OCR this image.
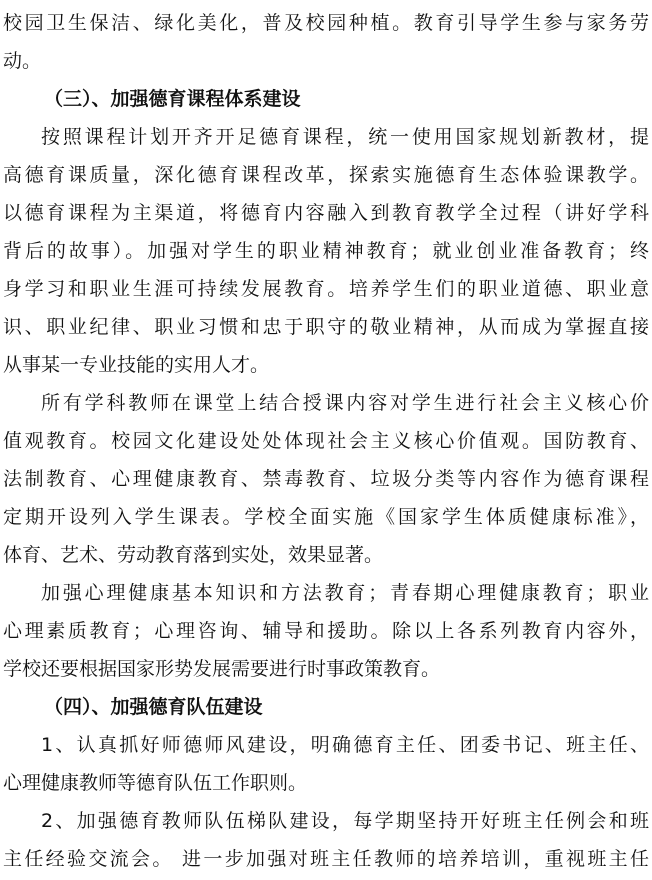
校园卫生保洁、绿化美化，普及校园种植。教育引导学生参与家务劳
动。
（三）、加强德育课程体系建设
按照课程计划开齐开足德育课程，统一使用国家规划新教材，提
高德育课质量，深化德育课程改革，探索实施德育生态体验课教学。
以德育课程为主渠道，将德育内容融入到教育教学全过程（讲好学科
背后的故事）。加强对学生的职业精神教育；就业创业准备教育；终
身学习和职业生涯可持续发展教育。培养学生们的职业道德、职业意
识、职业纪律、职业习惯和忠于职守的敬业精神，从而成为掌握直接
从事某一专业技能的实用人才。
所有学科教师在课堂上结合授课内容对学生进行社会主义核心价
值观教育。校园文化建设处处体现社会主义核心价值观。国防教育、
法制教育、心理健康教育、禁毒教育、垃圾分类等内容作为德育课程
定期开设列入学生课表。学校全面实施《国家学生体质健康标准》，
体育、艺术、劳动教育落到实处，效果显著。
加强心理健康基本知识和方法教育；青春期心理健康教育；职业
心理素质教育；心理咨询、辅导和援助。除以上各系列教育内容外，
学校还要根据国家形势发展需要进行时事政策教育。
（四）、加强德育队伍建设
1、认真抓好师德师风建设，明确德育主任、团委书记、班主任、
心理健康教师等德育队伍工作职则。
2、加强德育教师队伍梯队建设，每学期坚持开好班主任例会和班
主任经验交流会。 进一步加强对班主任教师的培养培训，重视班主任
